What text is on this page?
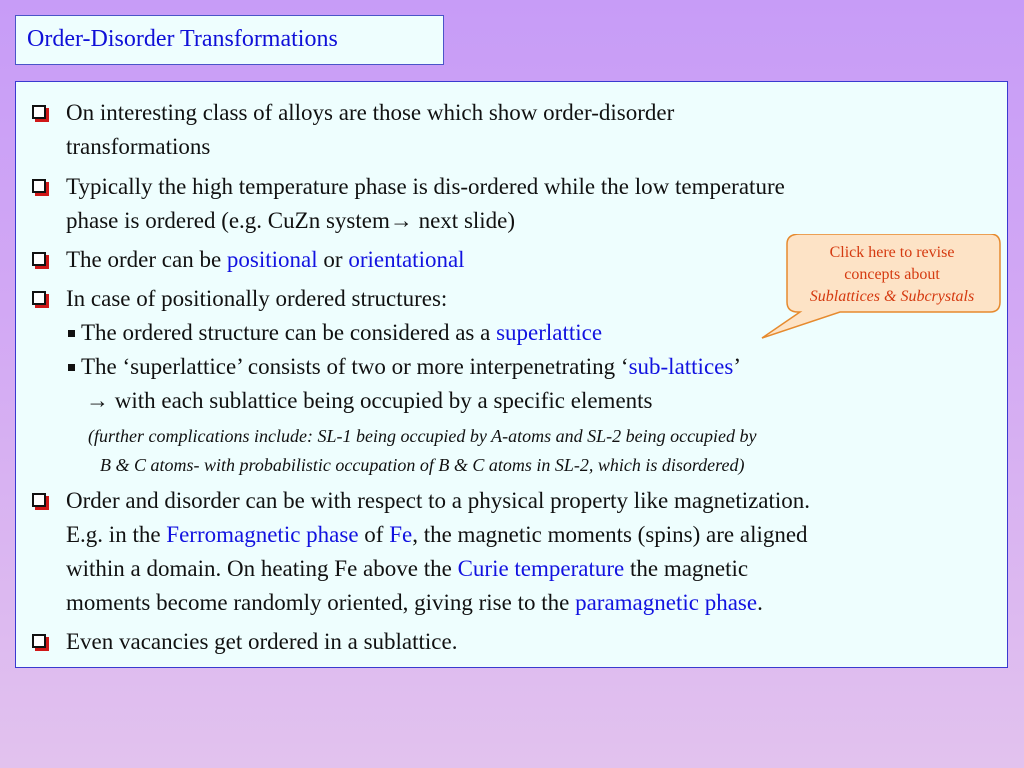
Order-Disorder Transformations
On interesting class of alloys are those which show order-disorder
transformations
Typically the high temperature phase is dis-ordered while the low temperature
phase is ordered (e.g. CuZn system→ next slide)
The order can be positional or orientational
In case of positionally ordered structures:
The ordered structure can be considered as a superlattice
The ‘superlattice’ consists of two or more interpenetrating ‘sub-lattices’
→ with each sublattice being occupied by a specific elements
(further complications include: SL-1 being occupied by A-atoms and SL-2 being occupied by
B & C atoms- with probabilistic occupation of B & C atoms in SL-2, which is disordered)
Order and disorder can be with respect to a physical property like magnetization.
E.g. in the Ferromagnetic phase of Fe, the magnetic moments (spins) are aligned
within a domain. On heating Fe above the Curie temperature the magnetic
moments become randomly oriented, giving rise to the paramagnetic phase.
Even vacancies get ordered in a sublattice.
Click here to revise
concepts about
Sublattices & Subcrystals
